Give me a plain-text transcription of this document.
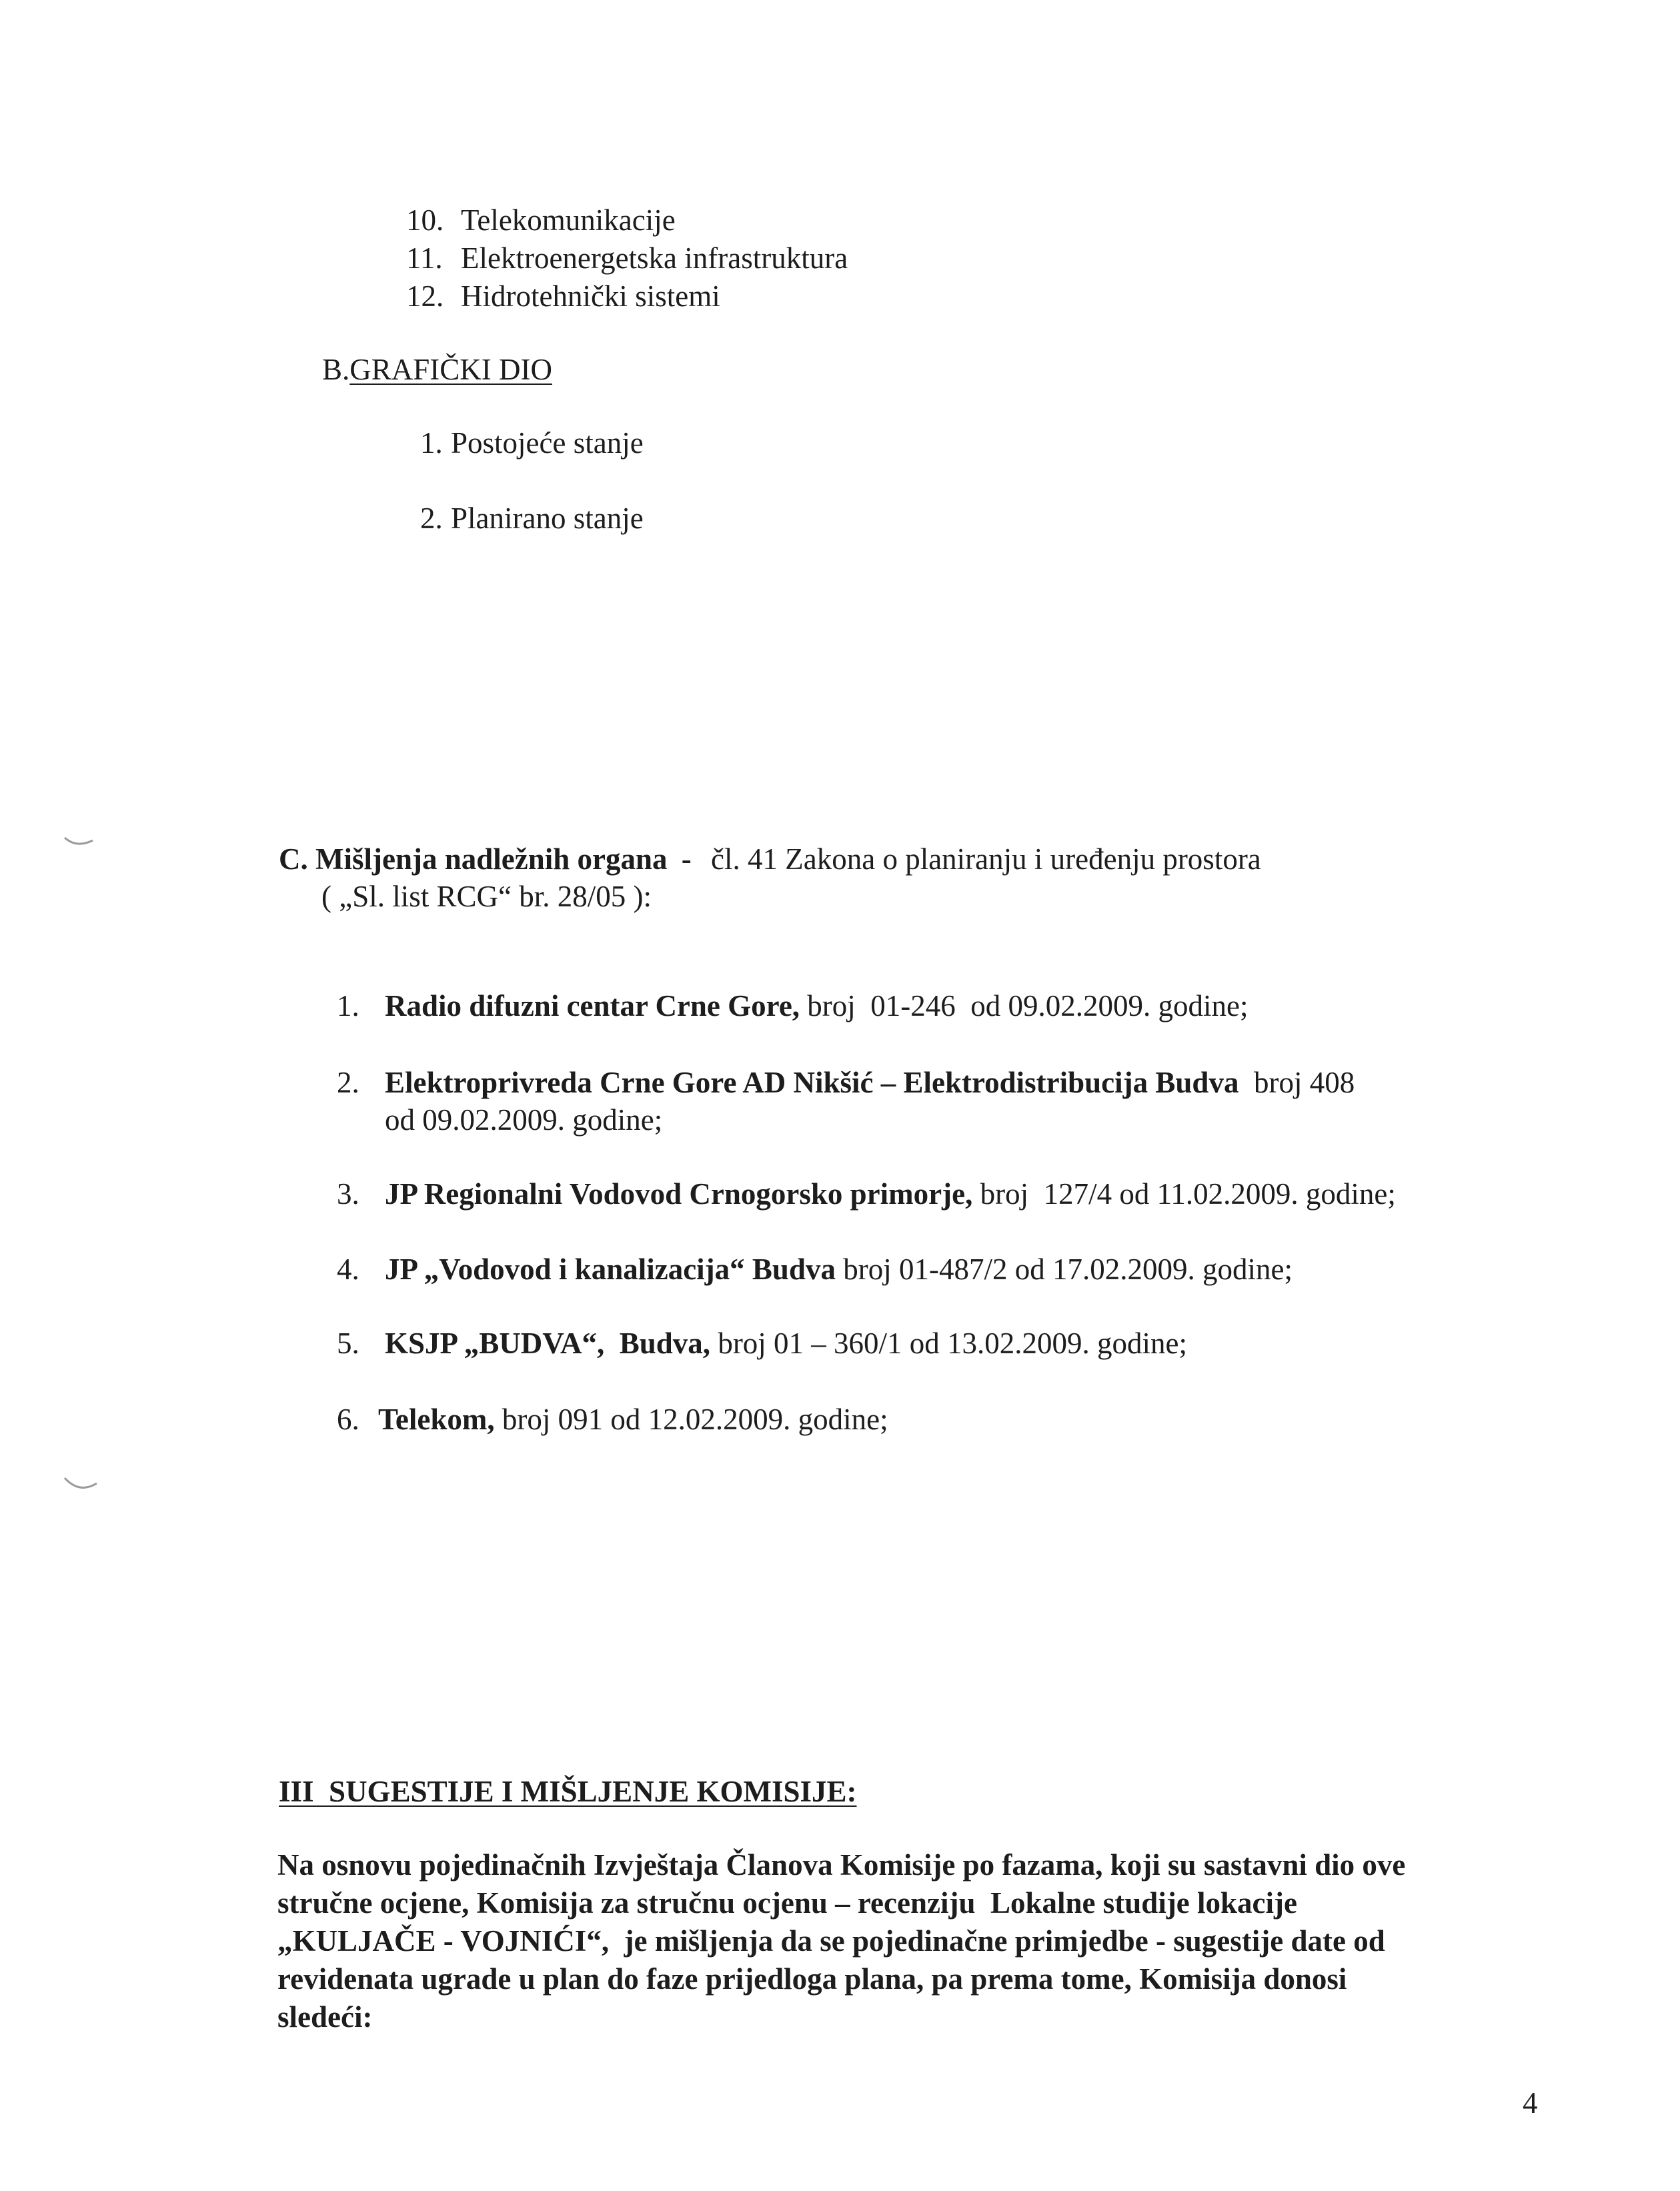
10. Telekomunikacije
11. Elektroenergetska infrastruktura
12. Hidrotehnički sistemi
B.GRAFIČKI DIO
1. Postojeće stanje
2. Planirano stanje
C. Mišljenja nadležnih organa - čl. 41 Zakona o planiranju i uređenju prostora
( „Sl. list RCG“ br. 28/05 ):
1. Radio difuzni centar Crne Gore, broj  01-246  od 09.02.2009. godine;
2. Elektroprivreda Crne Gore AD Nikšić – Elektrodistribucija Budva  broj 408
od 09.02.2009. godine;
3. JP Regionalni Vodovod Crnogorsko primorje, broj  127/4 od 11.02.2009. godine;
4. JP „Vodovod i kanalizacija“ Budva broj 01-487/2 od 17.02.2009. godine;
5. KSJP „BUDVA“,  Budva, broj 01 – 360/1 od 13.02.2009. godine;
6. Telekom, broj 091 od 12.02.2009. godine;
III  SUGESTIJE I MIŠLJENJE KOMISIJE:

Na osnovu pojedinačnih Izvještaja Članova Komisije po fazama, koji su sastavni dio ove

stručne ocjene, Komisija za stručnu ocjenu – recenziju  Lokalne studije lokacije

„KULJAČE - VOJNIĆI“,  je mišljenja da se pojedinačne primjedbe - sugestije date od

revidenata ugrade u plan do faze prijedloga plana, pa prema tome, Komisija donosi

sledeći:

4
